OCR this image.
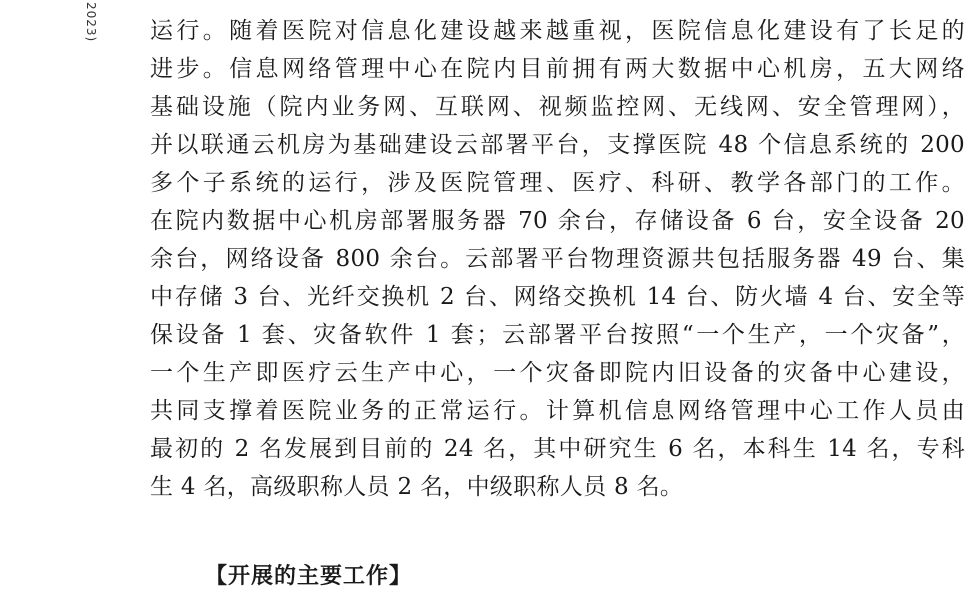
2023) 运行。随着医院对信息化建设越来越重视，医院信息化建设有了长足的
进步。信息网络管理中心在院内目前拥有两大数据中心机房，五大网络
基础设施（院内业务网、互联网、视频监控网、无线网、安全管理网），
并以联通云机房为基础建设云部署平台，支撑医院 48 个信息系统的 200
多个子系统的运行，涉及医院管理、医疗、科研、教学各部门的工作。
在院内数据中心机房部署服务器 70 余台，存储设备 6 台，安全设备 20
余台，网络设备 800 余台。云部署平台物理资源共包括服务器 49 台、集
中存储 3 台、光纤交换机 2 台、网络交换机 14 台、防火墙 4 台、安全等
保设备 1 套、灾备软件 1 套；云部署平台按照“一个生产，一个灾备”，
一个生产即医疗云生产中心，一个灾备即院内旧设备的灾备中心建设，
共同支撑着医院业务的正常运行。计算机信息网络管理中心工作人员由
最初的 2 名发展到目前的 24 名，其中研究生 6 名，本科生 14 名，专科
生 4 名，高级职称人员 2 名，中级职称人员 8 名。
【开展的主要工作】
